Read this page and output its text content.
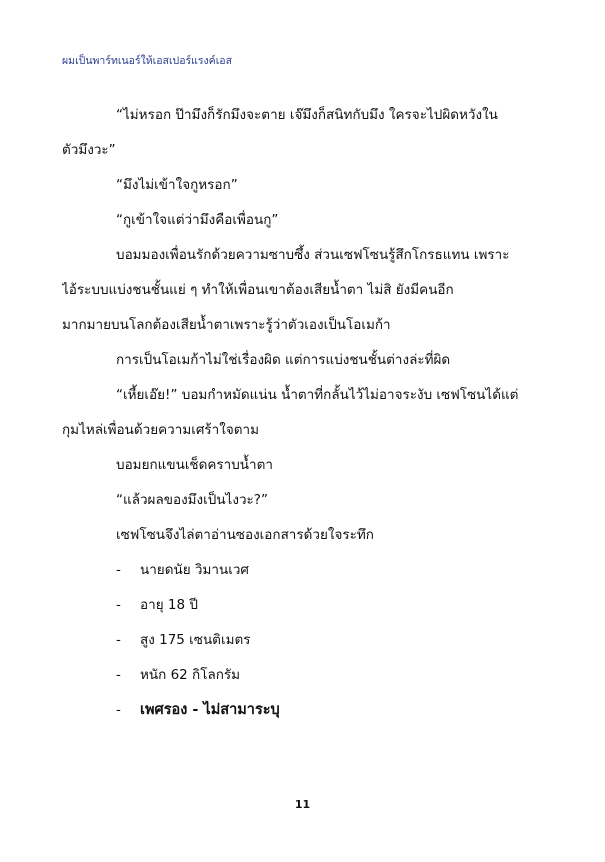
ผมเป็นพาร์ทเนอร์ให้เอสเปอร์แรงค์เอส
“ไม่หรอก ป๊ามึงก็รักมึงจะตาย เจ๊มึงก็สนิทกับมึง ใครจะไปผิดหวังใน
ตัวมึงวะ”
“มึงไม่เข้าใจกูหรอก”
“กูเข้าใจแต่ว่ามึงคือเพื่อนกู”
บอมมองเพื่อนรักด้วยความซาบซึ้ง ส่วนเซฟโซนรู้สึกโกรธแทน เพราะ
ไอ้ระบบแบ่งชนชั้นแย่ ๆ ทำให้เพื่อนเขาต้องเสียน้ำตา ไม่สิ ยังมีคนอีก
มากมายบนโลกต้องเสียน้ำตาเพราะรู้ว่าตัวเองเป็นโอเมก้า
การเป็นโอเมก้าไม่ใช่เรื่องผิด แต่การแบ่งชนชั้นต่างล่ะที่ผิด
“เหี้ยเอ๊ย!” บอมกำหมัดแน่น น้ำตาที่กลั้นไว้ไม่อาจระงับ เซฟโซนได้แต่
กุมไหล่เพื่อนด้วยความเศร้าใจตาม
บอมยกแขนเช็ดคราบน้ำตา
“แล้วผลของมึงเป็นไงวะ?”
เซฟโซนจึงไล่ตาอ่านซองเอกสารด้วยใจระทึก
-	นายดนัย วิมานเวศ
-	อายุ 18 ปี
-	สูง 175 เซนติเมตร
-	หนัก 62 กิโลกรัม
-	เพศรอง - ไม่สามาระบุ
11
